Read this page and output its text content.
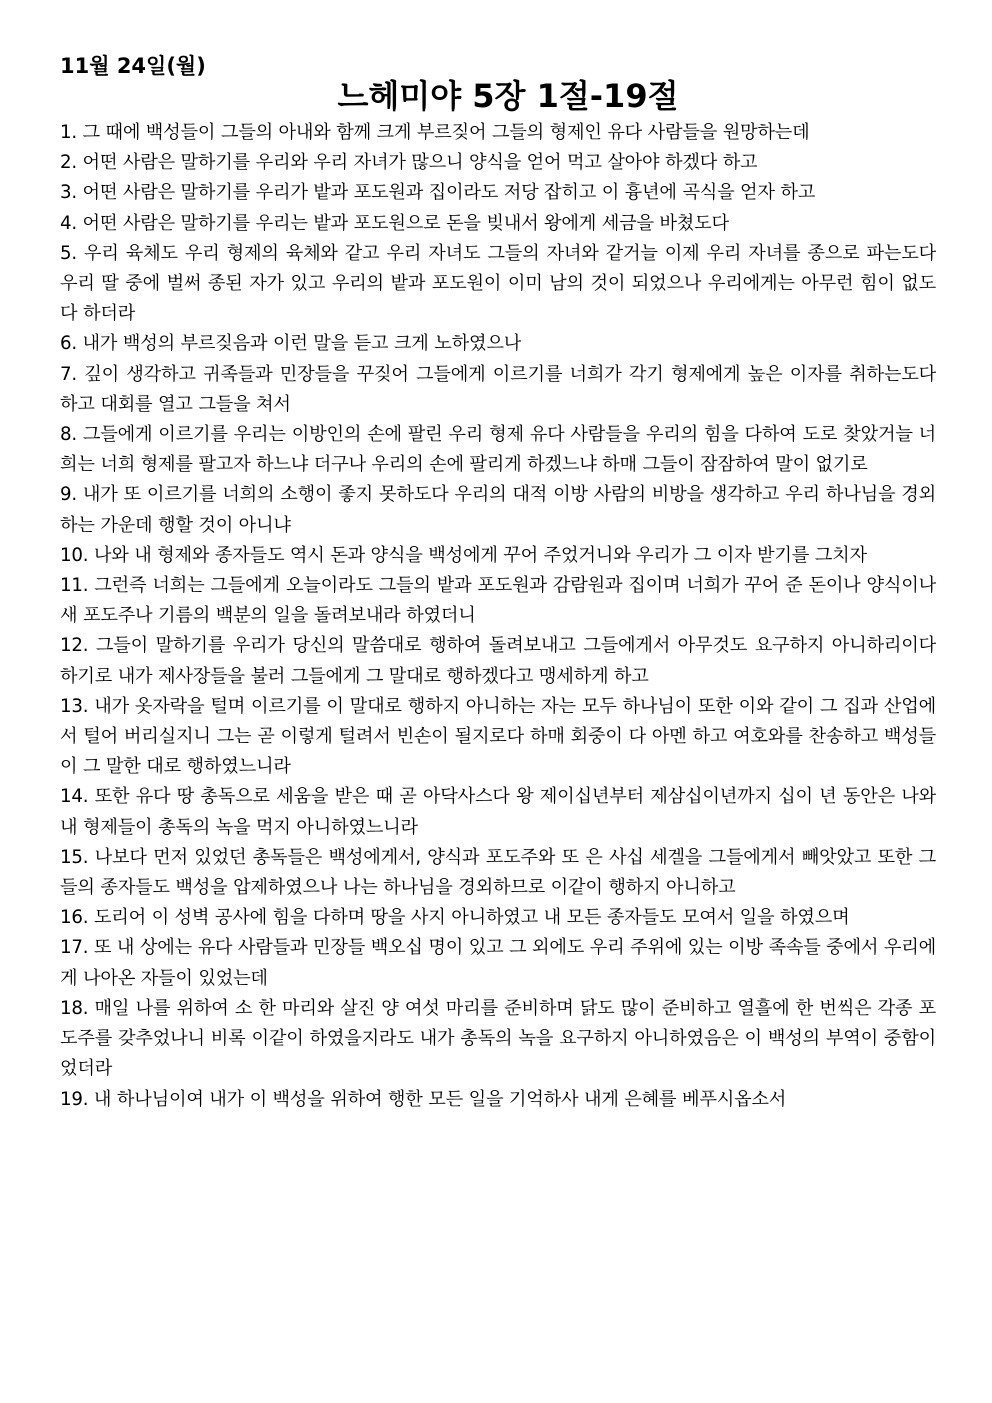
11월 24일(월)
느헤미야 5장 1절-19절

1. 그 때에 백성들이 그들의 아내와 함께 크게 부르짖어 그들의 형제인 유다 사람들을 원망하는데

2. 어떤 사람은 말하기를 우리와 우리 자녀가 많으니 양식을 얻어 먹고 살아야 하겠다 하고

3. 어떤 사람은 말하기를 우리가 밭과 포도원과 집이라도 저당 잡히고 이 흉년에 곡식을 얻자 하고

4. 어떤 사람은 말하기를 우리는 밭과 포도원으로 돈을 빚내서 왕에게 세금을 바쳤도다

5. 우리 육체도 우리 형제의 육체와 같고 우리 자녀도 그들의 자녀와 같거늘 이제 우리 자녀를 종으로 파는도다 우리 딸 중에 벌써 종된 자가 있고 우리의 밭과 포도원이 이미 남의 것이 되었으나 우리에게는 아무런 힘이 없도다 하더라

6. 내가 백성의 부르짖음과 이런 말을 듣고 크게 노하였으나

7. 깊이 생각하고 귀족들과 민장들을 꾸짖어 그들에게 이르기를 너희가 각기 형제에게 높은 이자를 취하는도다 하고 대회를 열고 그들을 쳐서

8. 그들에게 이르기를 우리는 이방인의 손에 팔린 우리 형제 유다 사람들을 우리의 힘을 다하여 도로 찾았거늘 너희는 너희 형제를 팔고자 하느냐 더구나 우리의 손에 팔리게 하겠느냐 하매 그들이 잠잠하여 말이 없기로

9. 내가 또 이르기를 너희의 소행이 좋지 못하도다 우리의 대적 이방 사람의 비방을 생각하고 우리 하나님을 경외하는 가운데 행할 것이 아니냐

10. 나와 내 형제와 종자들도 역시 돈과 양식을 백성에게 꾸어 주었거니와 우리가 그 이자 받기를 그치자

11. 그런즉 너희는 그들에게 오늘이라도 그들의 밭과 포도원과 감람원과 집이며 너희가 꾸어 준 돈이나 양식이나 새 포도주나 기름의 백분의 일을 돌려보내라 하였더니

12. 그들이 말하기를 우리가 당신의 말씀대로 행하여 돌려보내고 그들에게서 아무것도 요구하지 아니하리이다 하기로 내가 제사장들을 불러 그들에게 그 말대로 행하겠다고 맹세하게 하고

13. 내가 옷자락을 털며 이르기를 이 말대로 행하지 아니하는 자는 모두 하나님이 또한 이와 같이 그 집과 산업에서 털어 버리실지니 그는 곧 이렇게 털려서 빈손이 될지로다 하매 회중이 다 아멘 하고 여호와를 찬송하고 백성들이 그 말한 대로 행하였느니라

14. 또한 유다 땅 총독으로 세움을 받은 때 곧 아닥사스다 왕 제이십년부터 제삼십이년까지 십이 년 동안은 나와 내 형제들이 총독의 녹을 먹지 아니하였느니라

15. 나보다 먼저 있었던 총독들은 백성에게서, 양식과 포도주와 또 은 사십 세겔을 그들에게서 빼앗았고 또한 그들의 종자들도 백성을 압제하였으나 나는 하나님을 경외하므로 이같이 행하지 아니하고

16. 도리어 이 성벽 공사에 힘을 다하며 땅을 사지 아니하였고 내 모든 종자들도 모여서 일을 하였으며

17. 또 내 상에는 유다 사람들과 민장들 백오십 명이 있고 그 외에도 우리 주위에 있는 이방 족속들 중에서 우리에게 나아온 자들이 있었는데

18. 매일 나를 위하여 소 한 마리와 살진 양 여섯 마리를 준비하며 닭도 많이 준비하고 열흘에 한 번씩은 각종 포도주를 갖추었나니 비록 이같이 하였을지라도 내가 총독의 녹을 요구하지 아니하였음은 이 백성의 부역이 중함이었더라

19. 내 하나님이여 내가 이 백성을 위하여 행한 모든 일을 기억하사 내게 은혜를 베푸시옵소서
